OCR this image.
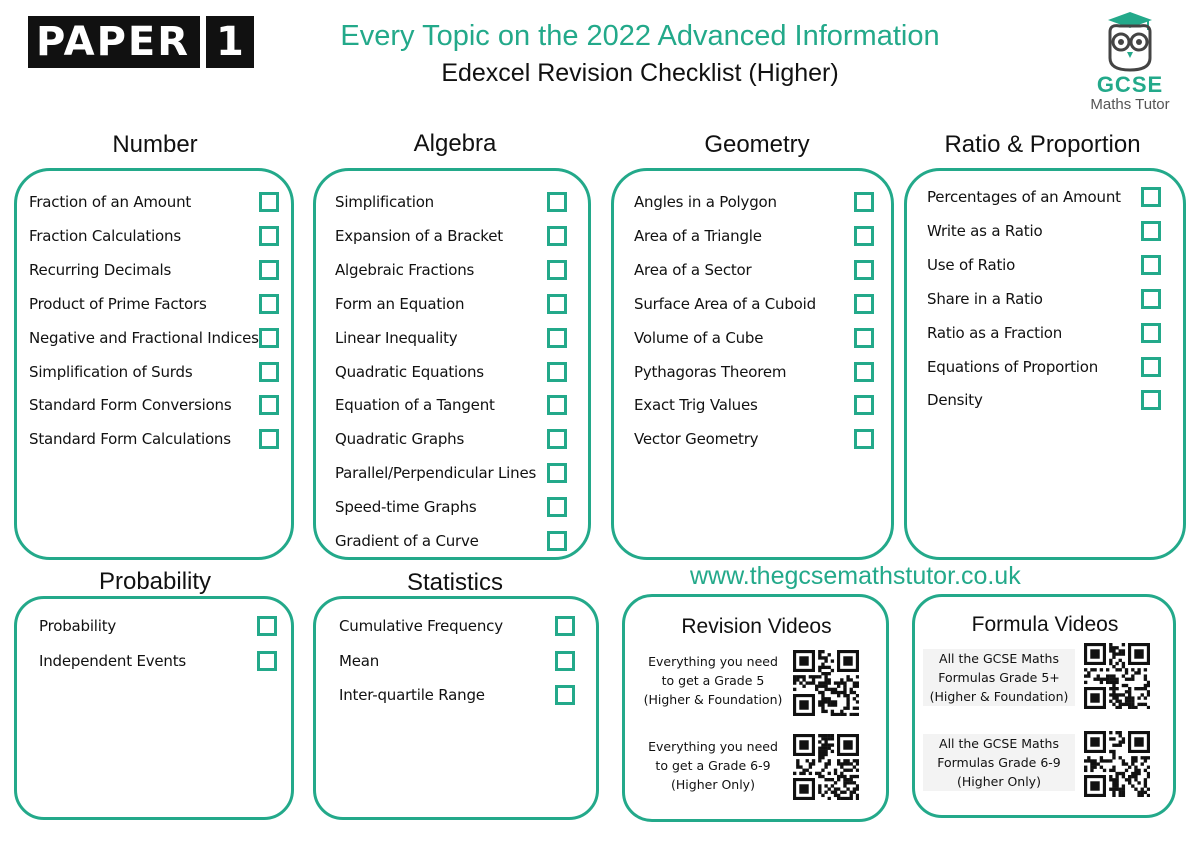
PAPER 1	Every Topic on the 2022 Advanced Information
Edexcel Revision Checklist (Higher)	GCSE
Maths Tutor
Number	Algebra	Geometry	Ratio & Proportion
Fraction of an Amount
Fraction Calculations
Recurring Decimals
Product of Prime Factors
Negative and Fractional Indices
Simplification of Surds
Standard Form Conversions
Standard Form Calculations
Simplification
Expansion of a Bracket
Algebraic Fractions
Form an Equation
Linear Inequality
Quadratic Equations
Equation of a Tangent
Quadratic Graphs
Parallel/Perpendicular Lines
Speed-time Graphs
Gradient of a Curve
Angles in a Polygon
Area of a Triangle
Area of a Sector
Surface Area of a Cuboid
Volume of a Cube
Pythagoras Theorem
Exact Trig Values
Vector Geometry
Percentages of an Amount
Write as a Ratio
Use of Ratio
Share in a Ratio
Ratio as a Fraction
Equations of Proportion
Density
Probability	Statistics	www.thegcsemathstutor.co.uk
Probability
Independent Events
Cumulative Frequency
Mean
Inter-quartile Range
Revision Videos
Everything you need
to get a Grade 5
(Higher & Foundation)
Everything you need
to get a Grade 6-9
(Higher Only)
Formula Videos
All the GCSE Maths
Formulas Grade 5+
(Higher & Foundation)
All the GCSE Maths
Formulas Grade 6-9
(Higher Only)
